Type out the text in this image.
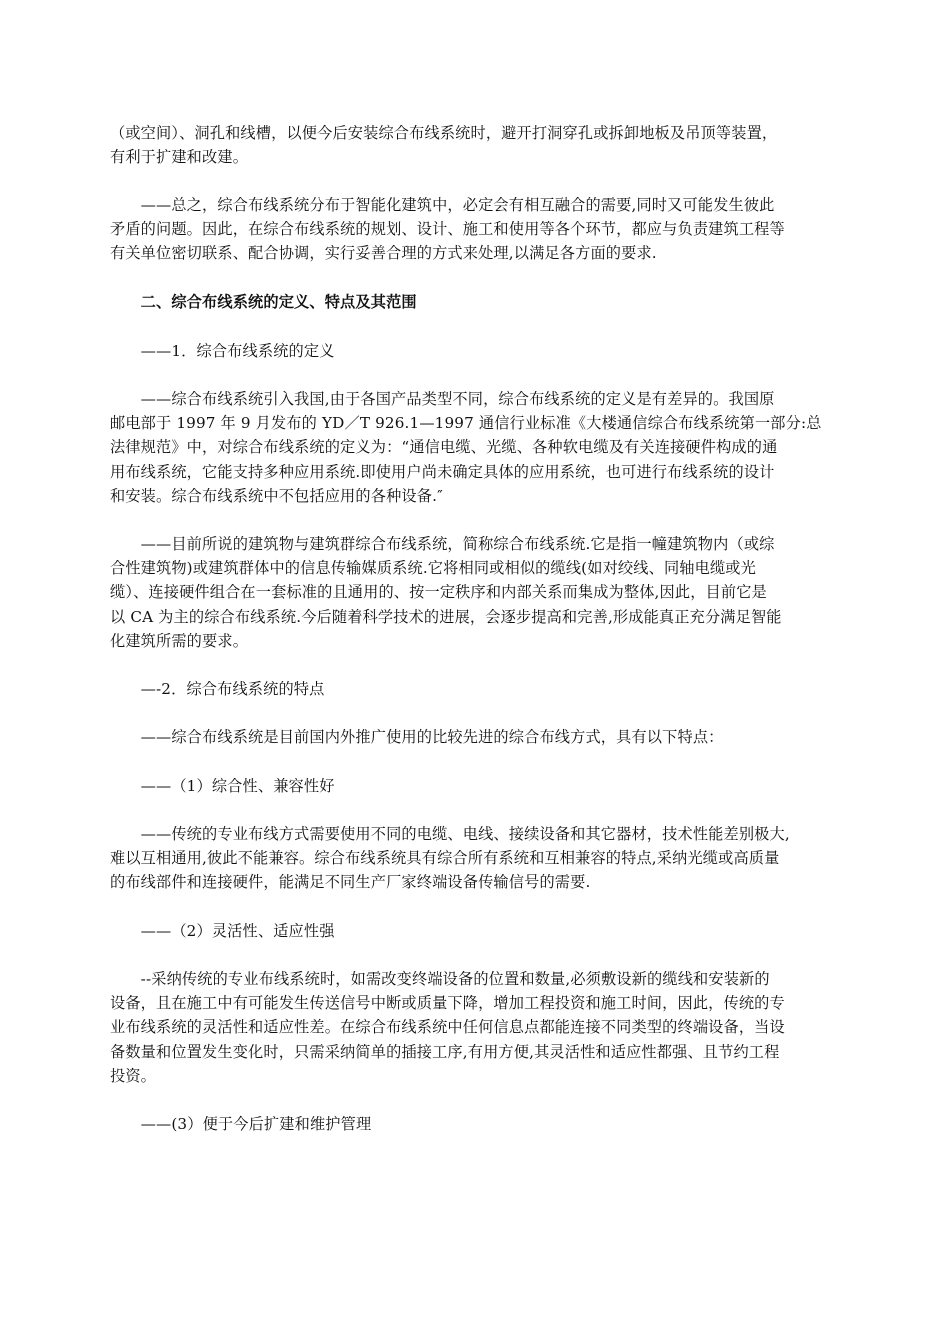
（或空间）、洞孔和线槽，以便今后安装综合布线系统时，避开打洞穿孔或拆卸地板及吊顶等装置，
有利于扩建和改建。

　　——总之，综合布线系统分布于智能化建筑中，必定会有相互融合的需要,同时又可能发生彼此
矛盾的问题。因此，在综合布线系统的规划、设计、施工和使用等各个环节，都应与负责建筑工程等
有关单位密切联系、配合协调，实行妥善合理的方式来处理,以满足各方面的要求.

　　二、综合布线系统的定义、特点及其范围

　　——1．综合布线系统的定义

　　——综合布线系统引入我国,由于各国产品类型不同，综合布线系统的定义是有差异的。我国原
邮电部于 1997 年 9 月发布的 YD／T 926.1—1997 通信行业标准《大楼通信综合布线系统第一部分:总
法律规范》中，对综合布线系统的定义为：“通信电缆、光缆、各种软电缆及有关连接硬件构成的通
用布线系统，它能支持多种应用系统.即使用户尚未确定具体的应用系统，也可进行布线系统的设计
和安装。综合布线系统中不包括应用的各种设备.″

　　——目前所说的建筑物与建筑群综合布线系统，简称综合布线系统.它是指一幢建筑物内（或综
合性建筑物)或建筑群体中的信息传输媒质系统.它将相同或相似的缆线(如对绞线、同轴电缆或光
缆）、连接硬件组合在一套标准的且通用的、按一定秩序和内部关系而集成为整体,因此，目前它是
以 CA 为主的综合布线系统.今后随着科学技术的进展，会逐步提高和完善,形成能真正充分满足智能
化建筑所需的要求。

　　—-2．综合布线系统的特点

　　——综合布线系统是目前国内外推广使用的比较先进的综合布线方式，具有以下特点：

　　——（1）综合性、兼容性好

　　——传统的专业布线方式需要使用不同的电缆、电线、接续设备和其它器材，技术性能差别极大,
难以互相通用,彼此不能兼容。综合布线系统具有综合所有系统和互相兼容的特点,采纳光缆或高质量
的布线部件和连接硬件，能满足不同生产厂家终端设备传输信号的需要.

　　——（2）灵活性、适应性强

　　--采纳传统的专业布线系统时，如需改变终端设备的位置和数量,必须敷设新的缆线和安装新的
设备，且在施工中有可能发生传送信号中断或质量下降，增加工程投资和施工时间，因此，传统的专
业布线系统的灵活性和适应性差。在综合布线系统中任何信息点都能连接不同类型的终端设备，当设
备数量和位置发生变化时，只需采纳简单的插接工序,有用方便,其灵活性和适应性都强、且节约工程
投资。

　　——(3）便于今后扩建和维护管理
